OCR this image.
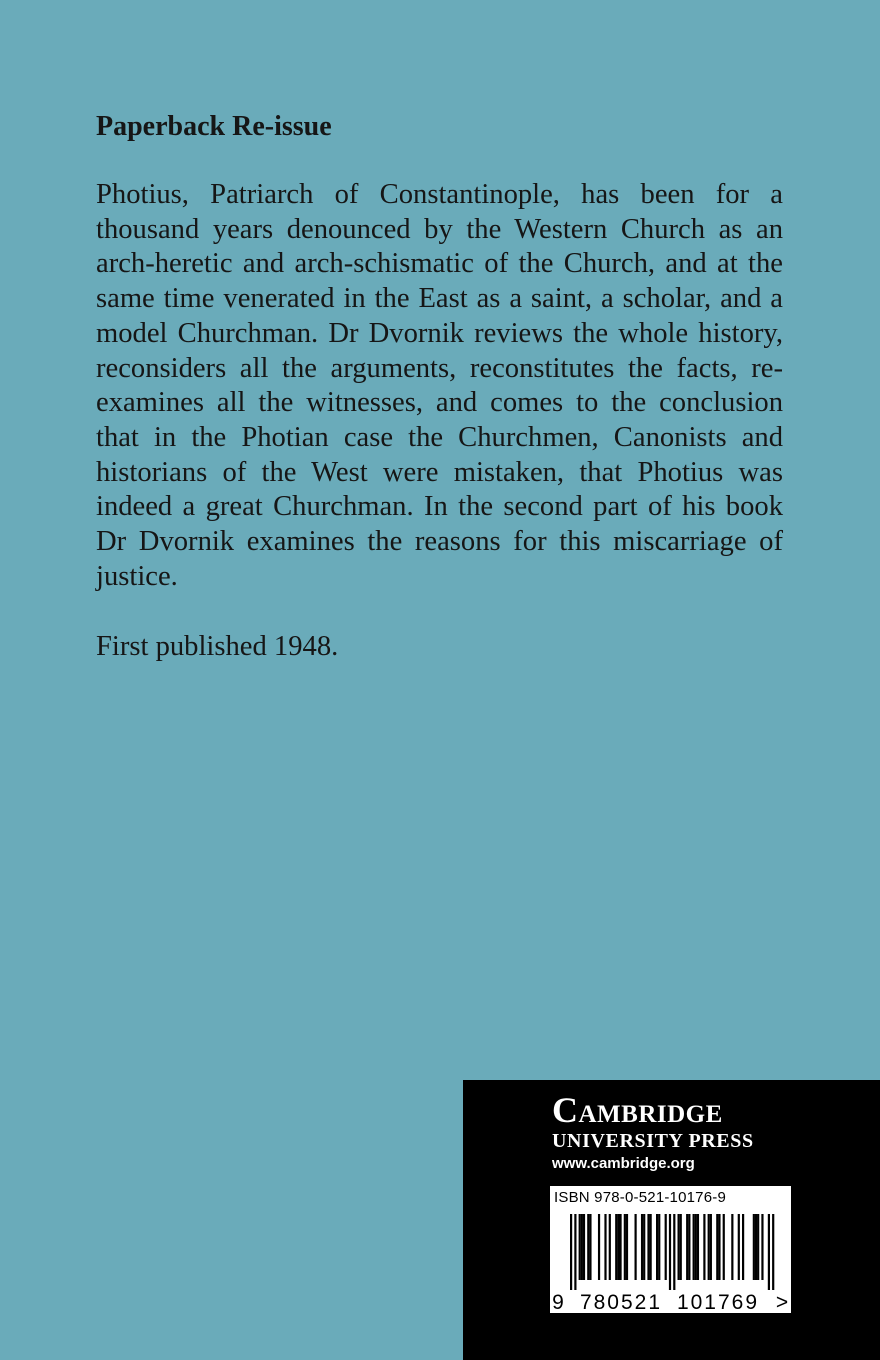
Paperback Re-issue

Photius, Patriarch of Constantinople, has been for a thousand years denounced by the Western Church as an arch-heretic and arch-schismatic of the Church, and at the same time venerated in the East as a saint, a scholar, and a model Churchman. Dr Dvornik reviews the whole history, reconsiders all the arguments, reconstitutes the facts, re-examines all the witnesses, and comes to the conclusion that in the Photian case the Churchmen, Canonists and historians of the West were mistaken, that Photius was indeed a great Churchman. In the second part of his book Dr Dvornik examines the reasons for this miscarriage of justice.

First published 1948.

Cambridge
UNIVERSITY PRESS
www.cambridge.org
ISBN 978-0-521-10176-9
9 780521 101769 >
